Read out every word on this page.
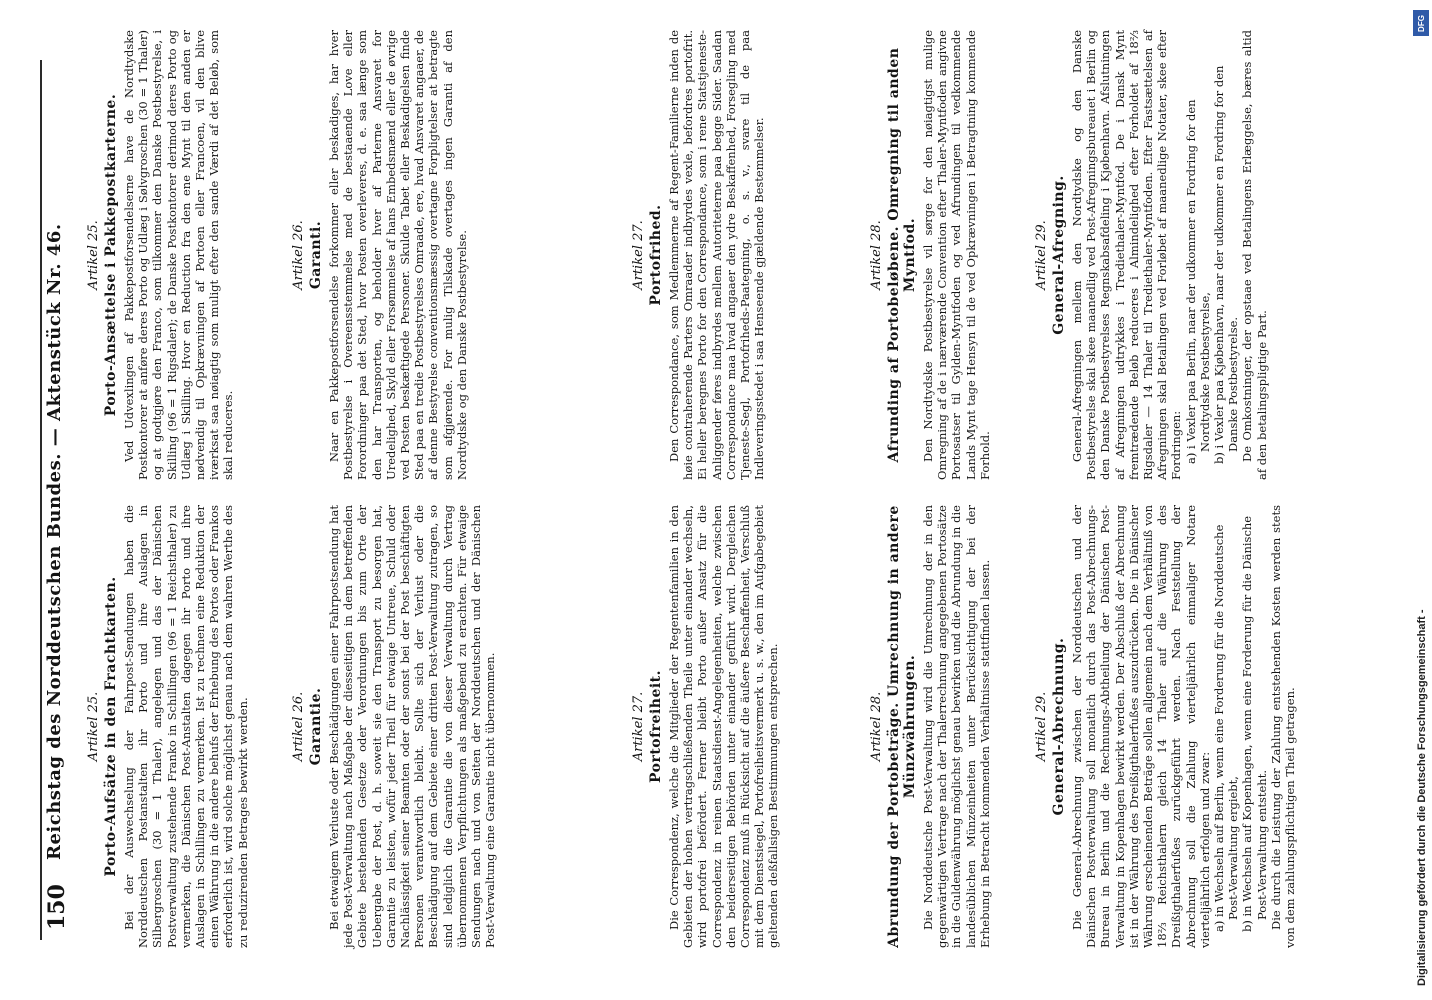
150
Reichstag des Norddeutschen Bundes. — Aktenstück Nr. 46. Artikel 25. Porto-Aufsätze in den Frachtkarten. Bei der Auswechselung der Fahrpost-Sendungen haben die Norddeutschen Postanstalten ihr Porto und ihre Auslagen in Silbergroschen (30 = 1 Thaler), angelegen und das der Dänischen Postverwaltung zustehende Franko in Schillingen (96 = 1 Reichsthaler) zu vermerken, die Dänischen Post-Anstalten dagegen ihr Porto und ihre Auslagen in Schillingen zu vermerken. Ist zu rechnen eine Reduktion der einen Währung in die andere behufs der Erhebung des Portos oder Frankos erforderlich ist, wird solche möglichst genau nach dem wahren Werthe des zu reduzirenden Betrages bewirkt werden.	Artikel 26. Garantie. Bei etwaigem Verluste oder Beschädigungen einer Fahrpostsendung hat jede Post-Verwaltung nach Maßgabe der diesseitigen in dem betreffenden Gebiete bestehenden Gesetze oder Verordnungen bis zum Orte der Uebergabe der Post, d. h. soweit sie den Transport zu besorgen hat, Garantie zu leisten, wofür jeder Theil für etwaige Untreue, Schuld oder Nachlässigkeit seiner Beamten oder der sonst bei der Post beschäftigten Personen verantwortlich bleibt. Sollte sich der Verlust oder die Beschädigung auf dem Gebiete einer dritten Post-Verwaltung zutragen, so sind lediglich die Garantie die von dieser Verwaltung durch Vertrag übernommenen Verpflichtungen als maßgebend zu erachten. Für etwaige Sendungen nach und von Seiten der Norddeutschen und der Dänischen Post-Verwaltung eine Garantie nicht übernommen.	Artikel 27. Portofreiheit. Die Correspondenz, welche die Mitglieder der Regentenfamilien in den Gebieten der hohen vertragschließenden Theile unter einander wechseln, wird portofrei befördert. Ferner bleibt Porto außer Ansatz für die Correspondenz in reinen Staatsdienst-Angelegenheiten, welche zwischen den beiderseitigen Behörden unter einander geführt wird. Dergleichen Correspondenz muß in Rücksicht auf die äußere Beschaffenheit, Verschluß mit dem Dienstsiegel, Portofreiheitsvermerk u. s. w., den im Aufgabegebiet geltenden deßfallsigen Bestimmungen entsprechen.	Artikel 28. Abrundung der Portobeträge. Umrechnung in andere Münzwährungen. Die Norddeutsche Post-Verwaltung wird die Umrechnung der in den gegenwärtigen Vertrage nach der Thalerrechnung angegebenen Portosätze in die Guldenwährung möglichst genau bewirken und die Abrundung in die landesüblichen Münzeinheiten unter Berücksichtigung der bei der Erhebung in Betracht kommenden Verhältnisse stattfinden lassen.	Artikel 29. General-Abrechnung. Die General-Abrechnung zwischen der Norddeutschen und der Dänischen Postverwaltung soll monatlich durch das Post-Abrechnungs-Bureau in Berlin und die Rechnungs-Abtheilung der Dänischen Post-Verwaltung in Kopenhagen bewirkt werden. Der Abschluß der Abrechnung ist in der Währung des Dreißigthalerfußes auszudrücken. Die in Dänischer Währung erscheinenden Beträge sollen allgemein nach dem Verhältniß von 18⅔ Reichsthalern gleich 14 Thaler auf die Währung des Dreißigthalerfußes zurückgeführt werden. Nach Feststellung der Abrechnung soll die Zahlung vierteljährlich einmaliger Notare vierteljährlich erfolgen und zwar: a) in Wechseln auf Berlin, wenn eine Forderung für die Norddeutsche Post-Verwaltung ergiebt, b) in Wechseln auf Kopenhagen, wenn eine Forderung für die Dänische Post-Verwaltung entsteht. Die durch die Leistung der Zahlung entstehenden Kosten werden stets von dem zahlungspflichtigen Theil getragen.
Artikel 25. Porto-Ansættelse i Pakkepostkarterne. Ved Udvexlingen af Pakkepostforsendelserne have de Nordtydske Postkontorer at anføre deres Porto og Udlæg i Sølvgroschen (30 = 1 Thaler) og at godtgjøre den Franco, som tilkommer den Danske Postbestyrelse, i Skilling (96 = 1 Rigsdaler); de Danske Postkontorer derimod deres Porto og Udlæg i Skilling. Hvor en Reduction fra den ene Mynt til den anden er nødvendig til Opkrævningen af Portoen eller Francoen, vil den blive iværksat saa nøiagtig som muligt efter den sande Værdi af det Beløb, som skal reduceres.
Artikel 26. Garanti. Naar en Pakkepostforsendelse forkommer eller beskadiges, har hver Postbestyrelse i Overeensstemmelse med de bestaaende Love eller Forordninger paa det Sted, hvor Posten overleveres, d. e. saa længe som den har Transporten, og beholder hver af Parterne Ansvaret for Uredelighed, Skyld eller Forsømmelse af hans Embedsmænd eller de øvrige ved Posten beskæftigede Personer. Skulde Tabet eller Beskadigelsen finde Sted paa en tredie Postbestyrelses Omraade, ere, hvad Ansvaret angaaer, de af denne Bestyrelse conventionsmæssig overtagne Forpligtelser at betragte som afgjørende. For mulig Tilskade overtages ingen Garanti af den Nordtydske og den Danske Postbestyrelse.	Artikel 27. Portofrihed. Den Correspondance, som Medlemmerne af Regent-Familierne inden de høie contraherende Parters Omraader indbyrdes vexle, befordres portofrit. Ei heller beregnes Porto for den Correspondance, som i rene Statstjeneste-Anliggender føres indbyrdes mellem Autoriteterne paa begge Sider. Saadan Correspondance maa hvad angaaer den ydre Beskaffenhed, Forsegling med Tjeneste-Segl, Portofriheds-Paategning, o. s. v., svare til de paa Indleveringsstedet i saa Henseende gjældende Bestemmelser.	Artikel 28. Afrunding af Portobeløbene. Omregning til anden Myntfod. Den Nordtydske Postbestyrelse vil sørge for den nøiagtigst mulige Omregning af de i nærværende Convention efter Thaler-Myntfoden angivne Portosatser til Gylden-Myntfoden og ved Afrundingen til vedkommende Lands Mynt tage Hensyn til de ved Opkrævningen i Betragtning kommende Forhold.
Artikel 29. General-Afregning. General-Afregningen mellem den Nordtydske og den Danske Postbestyrelse skal skee maanedlig ved Post-Afregningsbureauet i Berlin og den Danske Postbestyrelses Regnskabsafdeling i Kjøbenhavn. Afslutningen af Afregningen udtrykkes i Trediethaler-Myntfod. De i Dansk Mynt fremtrædende Beløb reduceres i Almindelighed efter Forholdet af 18⅔ Rigsdaler — 14 Thaler til Trediethaler-Myntfoden. Efter Fastsættelsen af Afregningen skal Betalingen ved Forløbet af maanedlige Notater, skee efter Fordringen: a) i Vexler paa Berlin, naar der udkommer en Fordring for den Nordtydske Postbestyrelse, b) i Vexler paa Kjøbenhavn, naar der udkommer en Fordring for den Danske Postbestyrelse. De Omkostninger, der opstaae ved Betalingens Erlæggelse, bæres altid af den betalingspligtige Part.
Digitalisierung gefördert durch die Deutsche Forschungsgemeinschaft -
DFG
